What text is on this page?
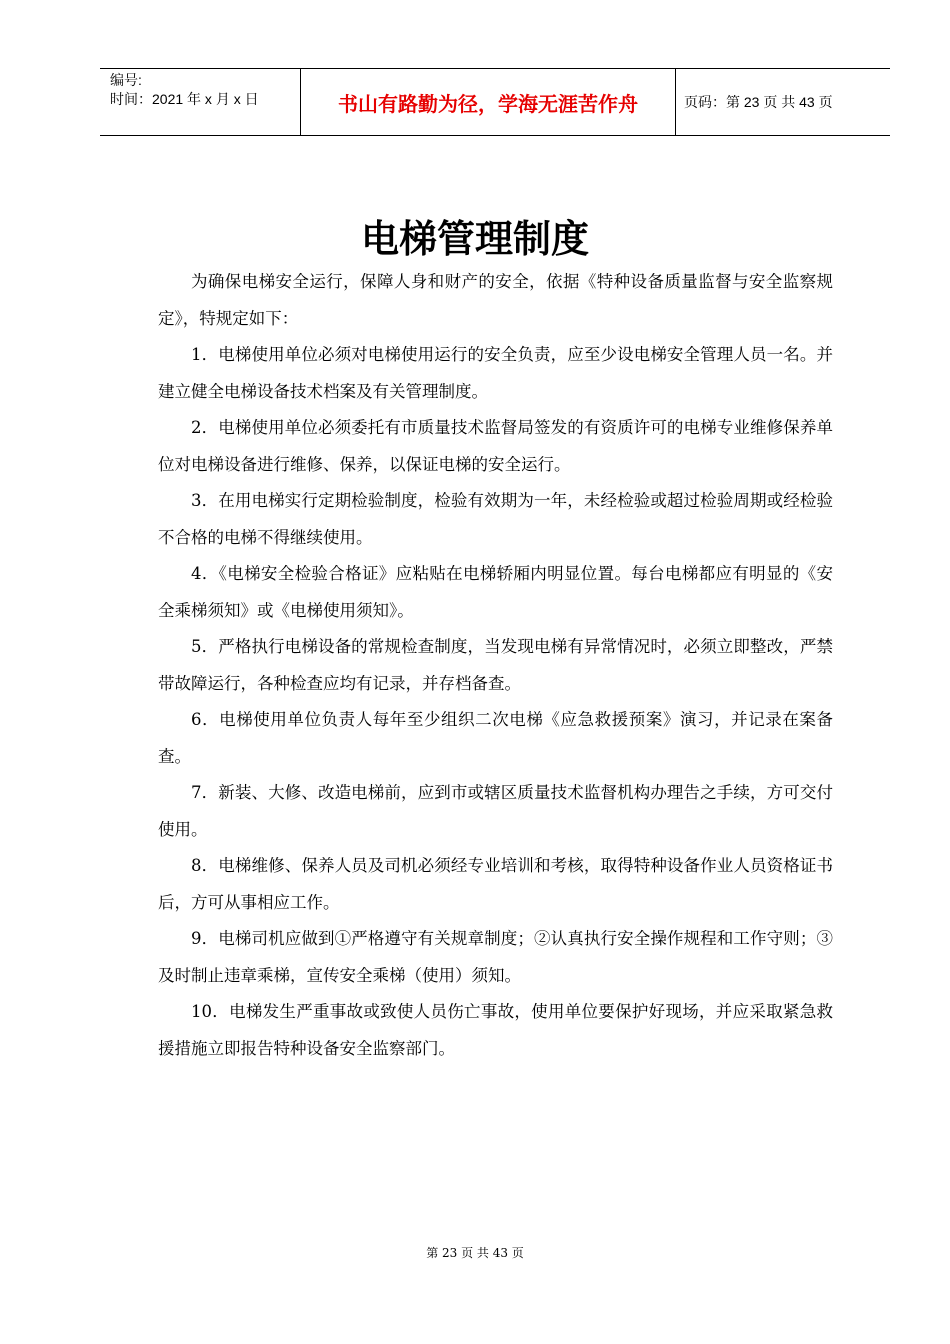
编号:
时间：2021 年 x 月 x 日	书山有路勤为径，学海无涯苦作舟	页码：第 23 页 共 43 页
电梯管理制度

为确保电梯安全运行，保障人身和财产的安全，依据《特种设备质量监督与安全监察规定》，特规定如下：

1．电梯使用单位必须对电梯使用运行的安全负责，应至少设电梯安全管理人员一名。并建立健全电梯设备技术档案及有关管理制度。

2．电梯使用单位必须委托有市质量技术监督局签发的有资质许可的电梯专业维修保养单位对电梯设备进行维修、保养，以保证电梯的安全运行。

3．在用电梯实行定期检验制度，检验有效期为一年，未经检验或超过检验周期或经检验不合格的电梯不得继续使用。

4．《电梯安全检验合格证》应粘贴在电梯轿厢内明显位置。每台电梯都应有明显的《安全乘梯须知》或《电梯使用须知》。

5．严格执行电梯设备的常规检查制度，当发现电梯有异常情况时，必须立即整改，严禁带故障运行，各种检查应均有记录，并存档备查。

6．电梯使用单位负责人每年至少组织二次电梯《应急救援预案》演习，并记录在案备查。

7．新装、大修、改造电梯前，应到市或辖区质量技术监督机构办理告之手续，方可交付使用。

8．电梯维修、保养人员及司机必须经专业培训和考核，取得特种设备作业人员资格证书后，方可从事相应工作。

9．电梯司机应做到①严格遵守有关规章制度；②认真执行安全操作规程和工作守则；③及时制止违章乘梯，宣传安全乘梯（使用）须知。

10．电梯发生严重事故或致使人员伤亡事故，使用单位要保护好现场，并应采取紧急救援措施立即报告特种设备安全监察部门。

第 23 页 共 43 页
